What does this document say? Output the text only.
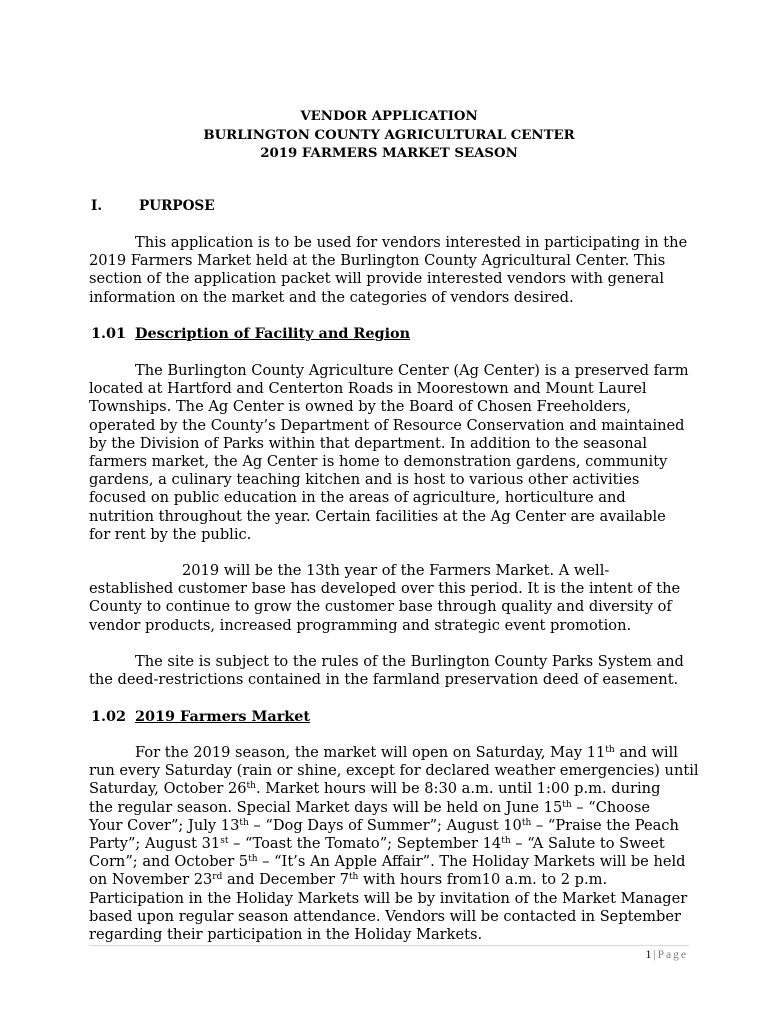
VENDOR APPLICATION
BURLINGTON COUNTY AGRICULTURAL CENTER
2019 FARMERS MARKET SEASON
I.	PURPOSE
This application is to be used for vendors interested in participating in the
2019 Farmers Market held at the Burlington County Agricultural Center. This
section of the application packet will provide interested vendors with general
information on the market and the categories of vendors desired.
1.01 Description of Facility and Region
The Burlington County Agriculture Center (Ag Center) is a preserved farm
located at Hartford and Centerton Roads in Moorestown and Mount Laurel
Townships. The Ag Center is owned by the Board of Chosen Freeholders,
operated by the County’s Department of Resource Conservation and maintained
by the Division of Parks within that department. In addition to the seasonal
farmers market, the Ag Center is home to demonstration gardens, community
gardens, a culinary teaching kitchen and is host to various other activities
focused on public education in the areas of agriculture, horticulture and
nutrition throughout the year. Certain facilities at the Ag Center are available
for rent by the public.
2019 will be the 13th year of the Farmers Market. A well-
established customer base has developed over this period. It is the intent of the
County to continue to grow the customer base through quality and diversity of
vendor products, increased programming and strategic event promotion.
The site is subject to the rules of the Burlington County Parks System and
the deed-restrictions contained in the farmland preservation deed of easement.
1.02 2019 Farmers Market
For the 2019 season, the market will open on Saturday, May 11th and will
run every Saturday (rain or shine, except for declared weather emergencies) until
Saturday, October 26th. Market hours will be 8:30 a.m. until 1:00 p.m. during
the regular season. Special Market days will be held on June 15th – “Choose
Your Cover”; July 13th – “Dog Days of Summer”; August 10th – “Praise the Peach
Party”; August 31st – “Toast the Tomato”; September 14th – “A Salute to Sweet
Corn”; and October 5th – “It’s An Apple Affair”. The Holiday Markets will be held
on November 23rd and December 7th with hours from10 a.m. to 2 p.m.
Participation in the Holiday Markets will be by invitation of the Market Manager
based upon regular season attendance. Vendors will be contacted in September
regarding their participation in the Holiday Markets.
1 | Page
